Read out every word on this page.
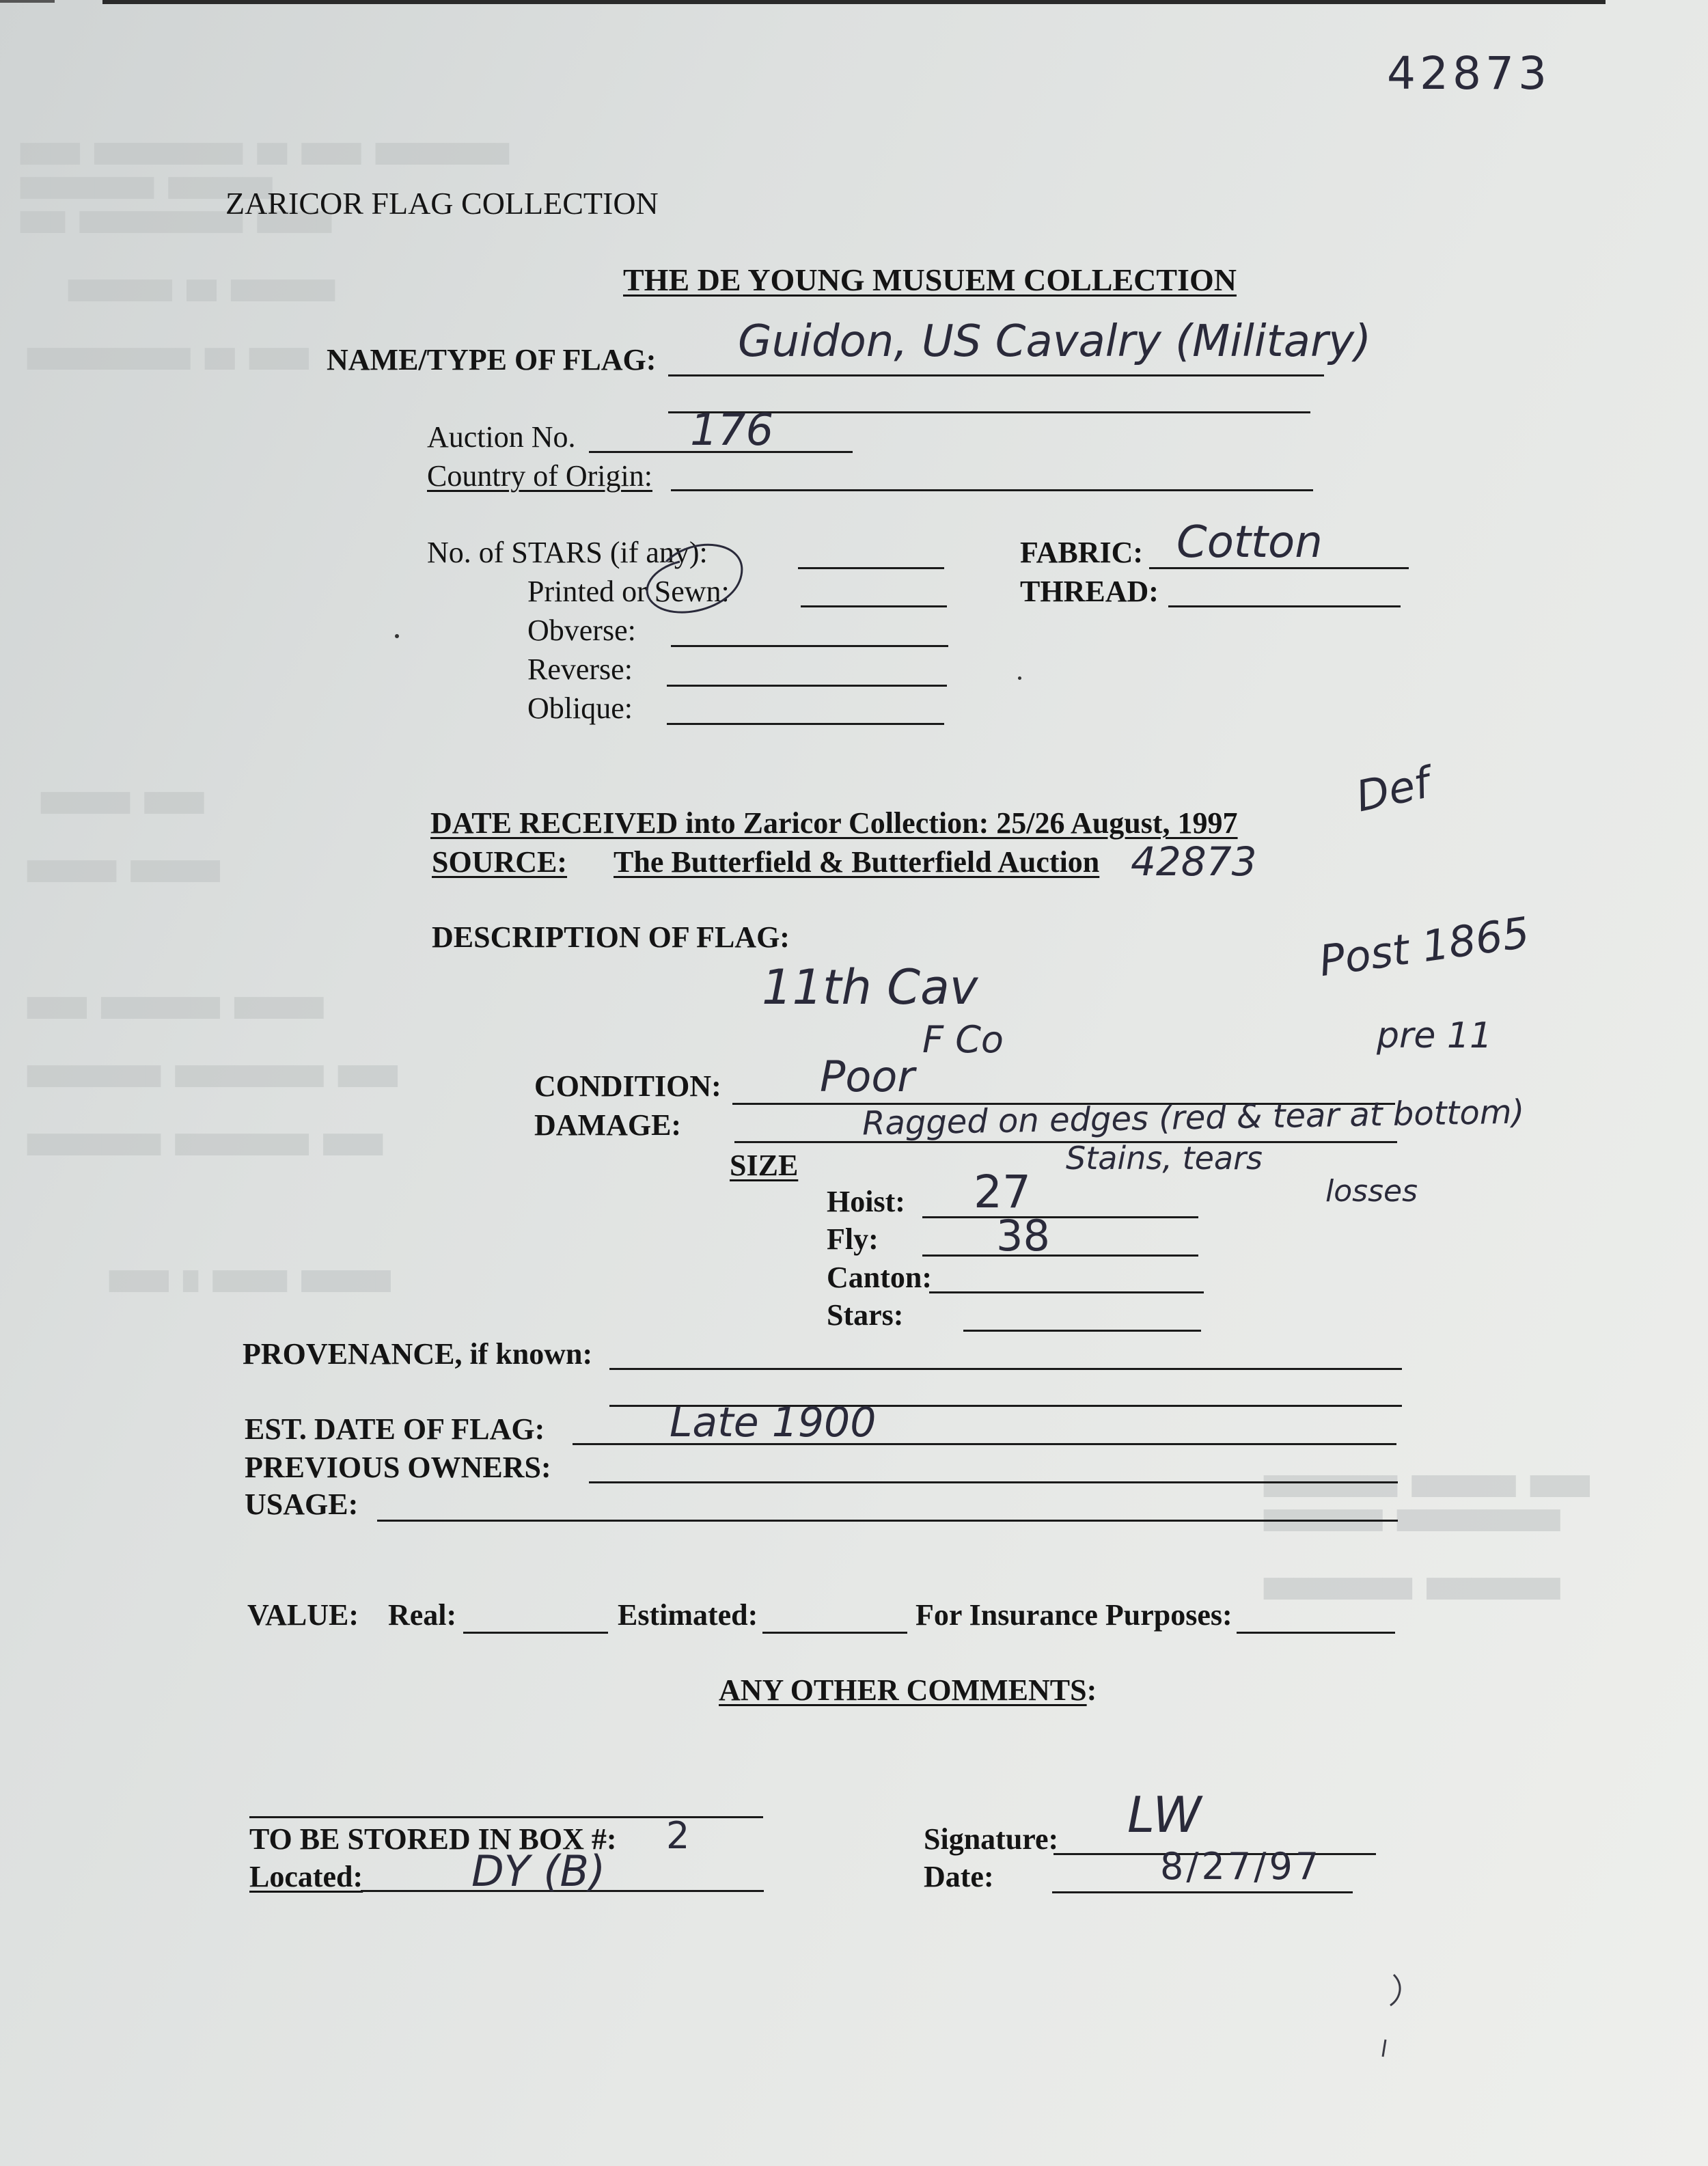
▆▆▆▆ ▆▆▆▆▆▆▆▆▆▆ ▆▆ ▆▆▆▆ ▆▆▆▆▆▆▆▆▆
▆▆▆▆▆▆▆▆▆ ▆▆▆▆▆▆▆
▆▆▆ ▆▆▆▆▆▆▆▆▆▆▆ ▆▆▆▆▆
▆▆▆▆▆▆▆ ▆▆ ▆▆▆▆▆▆▆
▆▆▆▆▆▆▆▆▆▆▆ ▆▆ ▆▆▆▆
▆▆▆▆▆▆ ▆▆▆▆
▆▆▆▆▆▆ ▆▆▆▆▆▆
▆▆▆▆ ▆▆▆▆▆▆▆▆ ▆▆▆▆▆▆
▆▆▆▆▆▆▆▆▆ ▆▆▆▆▆▆▆▆▆▆ ▆▆▆▆
▆▆▆▆▆▆▆▆▆ ▆▆▆▆▆▆▆▆▆ ▆▆▆▆
▆▆▆▆ ▆ ▆▆▆▆▆ ▆▆▆▆▆▆
▆▆▆▆▆▆▆▆▆ ▆▆▆▆▆▆▆ ▆▆▆▆
▆▆▆▆▆▆▆▆ ▆▆▆▆▆▆▆▆▆▆▆
▆▆▆▆▆▆▆▆▆▆ ▆▆▆▆▆▆▆▆▆
42873
ZARICOR FLAG COLLECTION
THE DE YOUNG MUSUEM COLLECTION
NAME/TYPE OF FLAG: Guidon, US Cavalry (Military)
Auction No.	176
Country of Origin:
No. of STARS (if any):
Printed or Sewn:
Obverse:
Reverse:
Oblique:
FABRIC: Cotton
THREAD:
DATE RECEIVED into Zaricor Collection: 25/26 August, 1997
SOURCE: The Butterfield & Butterfield Auction 42873
Def
Post 1865
pre 11
DESCRIPTION OF FLAG:
11th Cav
F Co
CONDITION: Poor
DAMAGE:	Ragged on edges (red & tear at bottom)
Stains, tears
losses
SIZE
Hoist: 27
Fly:	38
Canton:
Stars:
PROVENANCE, if known:
EST. DATE OF FLAG:	Late 1900
PREVIOUS OWNERS:
USAGE:
VALUE: Real:	Estimated:	For Insurance Purposes:
ANY OTHER COMMENTS:
TO BE STORED IN BOX #: 2
Located:	DY (B)
Signature: LW
Date:	8/27/97
